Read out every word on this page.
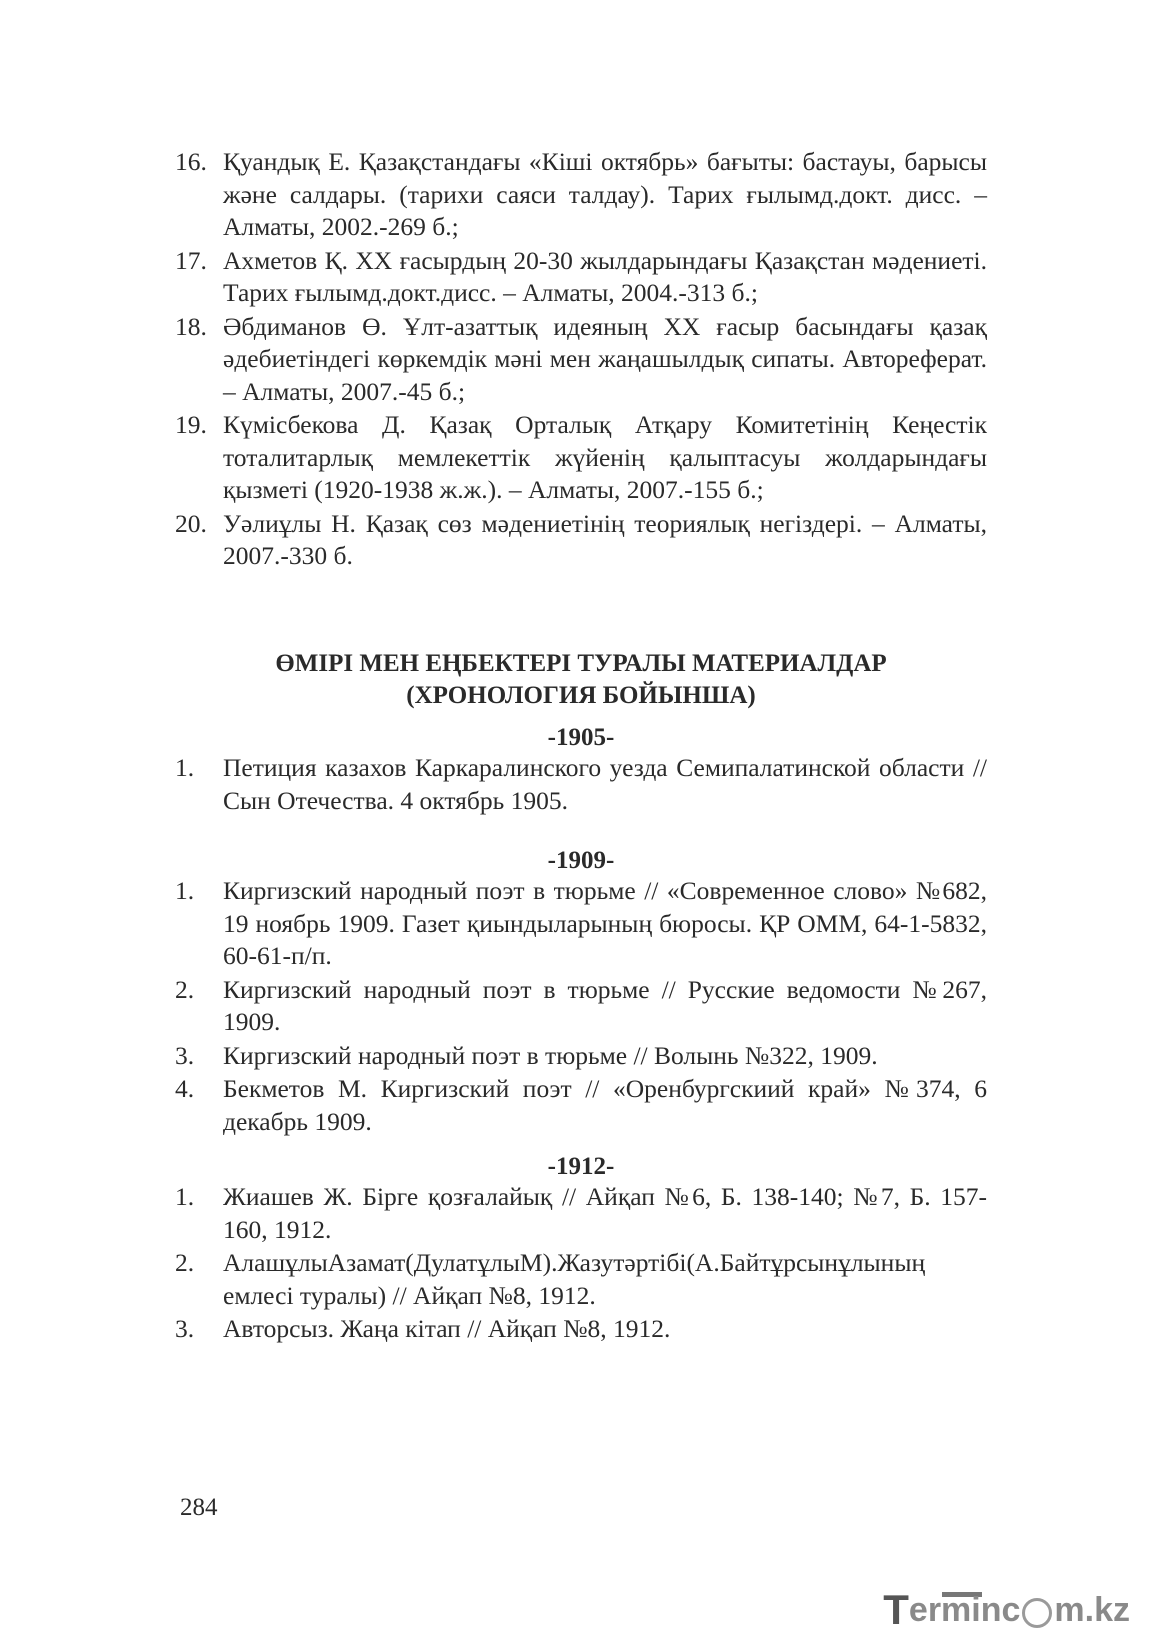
16. Қуандық Е. Қазақстандағы «Кіші октябрь» бағыты: бастауы, барысы және салдары. (тарихи саяси талдау). Тарих ғылымд.докт. дисс. – Алматы, 2002.-269 б.;
17. Ахметов Қ. XX ғасырдың 20-30 жылдарындағы Қазақстан мәдениеті. Тарих ғылымд.докт.дисс. – Алматы, 2004.-313 б.;
18. Әбдиманов Ө. Ұлт-азаттық идеяның XX ғасыр басындағы қазақ әдебиетіндегі көркемдік мәні мен жаңашылдық сипаты. Автореферат. – Алматы, 2007.-45 б.;
19. Күмісбекова Д. Қазақ Орталық Атқару Комитетінің Кеңестік тоталитарлық мемлекеттік жүйенің қалыптасуы жолдарындағы қызметі (1920-1938 ж.ж.). – Алматы, 2007.-155 б.;
20. Уәлиұлы Н. Қазақ сөз мәдениетінің теориялық негіздері. – Алматы, 2007.-330 б.
ӨМІРІ МЕН ЕҢБЕКТЕРІ ТУРАЛЫ МАТЕРИАЛДАР
(ХРОНОЛОГИЯ БОЙЫНША)
-1905-
1. Петиция казахов Каркаралинского уезда Семипалатинской области // Сын Отечества. 4 октябрь 1905.
-1909-
1. Киргизский народный поэт в тюрьме // «Современное слово» №682, 19 ноябрь 1909. Газет қиындыларының бюросы. ҚР ОММ, 64-1-5832, 60-61-п/п.
2. Киргизский народный поэт в тюрьме // Русские ведомости №267, 1909.
3. Киргизский народный поэт в тюрьме // Волынь №322, 1909.
4. Бекметов М. Киргизский поэт // «Оренбургскиий край» №374, 6 декабрь 1909.
-1912-
1. Жиашев Ж. Бірге қозғалайық // Айқап №6, Б. 138-140; №7, Б. 157-160, 1912.
2. АлашұлыАзамат(ДулатұлыМ).Жазутәртібі(А.Байтұрсынұлының емлесі туралы) // Айқап №8, 1912.
3. Авторсыз. Жаңа кітап // Айқап №8, 1912.
284
T erminc m.kz
